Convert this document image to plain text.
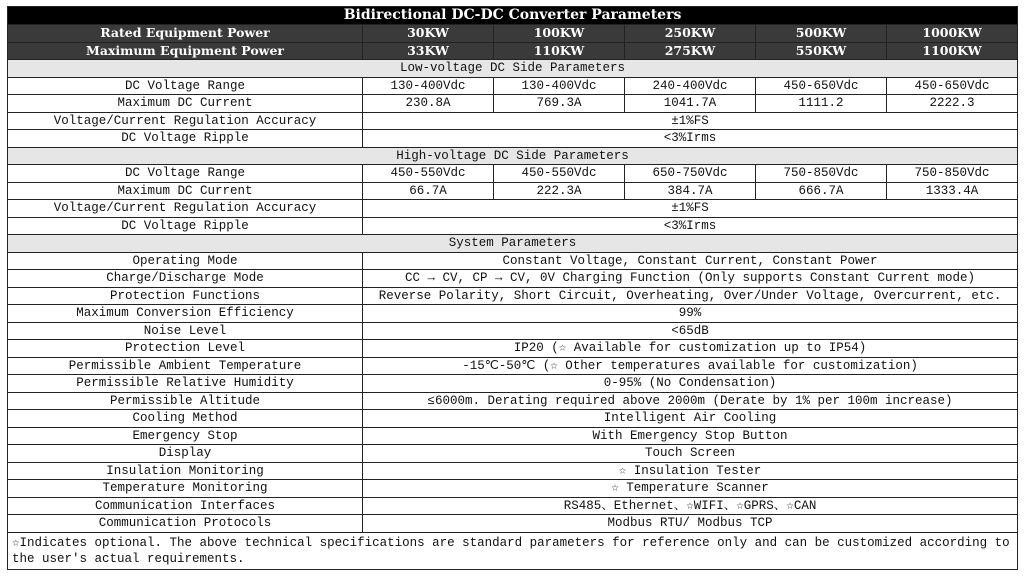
Bidirectional DC-DC Converter Parameters					
Rated Equipment Power	30KW	100KW	250KW	500KW	1000KW
Maximum Equipment Power	33KW	110KW	275KW	550KW	1100KW
Low-voltage DC Side Parameters					
DC Voltage Range	130-400Vdc	130-400Vdc	240-400Vdc	450-650Vdc	450-650Vdc
Maximum DC Current	230.8A	769.3A	1041.7A	1111.2	2222.3
Voltage/Current Regulation Accuracy	±1%FS				
DC Voltage Ripple	<3%Irms				
High-voltage DC Side Parameters					
DC Voltage Range	450-550Vdc	450-550Vdc	650-750Vdc	750-850Vdc	750-850Vdc
Maximum DC Current	66.7A	222.3A	384.7A	666.7A	1333.4A
Voltage/Current Regulation Accuracy	±1%FS				
DC Voltage Ripple	<3%Irms				
System Parameters					
Operating Mode	Constant Voltage, Constant Current, Constant Power				
Charge/Discharge Mode	CC → CV, CP → CV, 0V Charging Function (Only supports Constant Current mode)				
Protection Functions	Reverse Polarity, Short Circuit, Overheating, Over/Under Voltage, Overcurrent, etc.				
Maximum Conversion Efficiency	99%				
Noise Level	<65dB				
Protection Level	IP20 (☆ Available for customization up to IP54)				
Permissible Ambient Temperature	-15℃-50℃ (☆ Other temperatures available for customization)				
Permissible Relative Humidity	0-95% (No Condensation)				
Permissible Altitude	≤6000m. Derating required above 2000m (Derate by 1% per 100m increase)				
Cooling Method	Intelligent Air Cooling				
Emergency Stop	With Emergency Stop Button				
Display	Touch Screen				
Insulation Monitoring	☆ Insulation Tester				
Temperature Monitoring	☆ Temperature Scanner				
Communication Interfaces	RS485、Ethernet、☆WIFI、☆GPRS、☆CAN				
Communication Protocols	Modbus RTU/ Modbus TCP				
☆Indicates optional. The above technical specifications are standard parameters for reference only and can be customized according to the user's actual requirements.					
